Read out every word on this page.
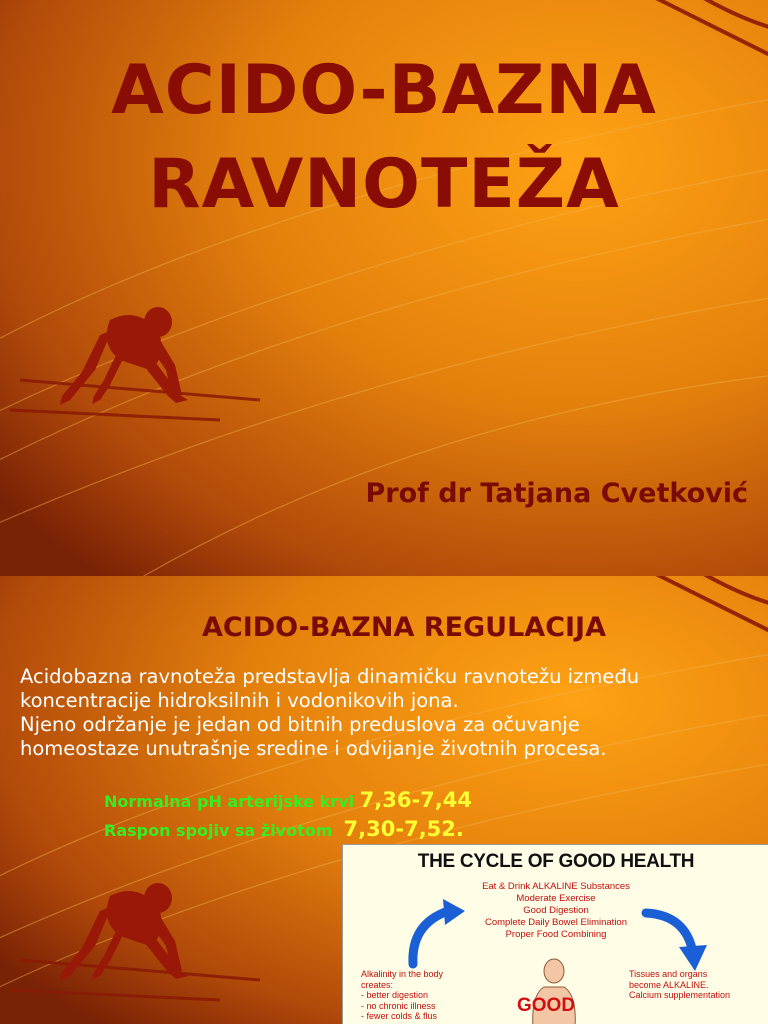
ACIDO-BAZNA
RAVNOTEŽA
Prof dr Tatjana Cvetković
ACIDO-BAZNA REGULACIJA
Acidobazna ravnoteža predstavlja dinamičku ravnotežu između
koncentracije hidroksilnih i vodonikovih jona.
Njeno održanje je jedan od bitnih preduslova za očuvanje
homeostaze unutrašnje sredine i odvijanje životnih procesa.
Normalna pH arterijske krvi 7,36-7,44
Raspon spojiv sa životom 7,30-7,52.
THE CYCLE OF GOOD HEALTH
Eat & Drink ALKALINE Substances
Moderate Exercise
Good Digestion
Complete Daily Bowel Elimination
Proper Food Combining
Alkalinity in the body
creates:
- better digestion
- no chronic illness
- fewer colds & flus	GOOD
Tissues and organs
become ALKALINE.
Calcium supplementation
